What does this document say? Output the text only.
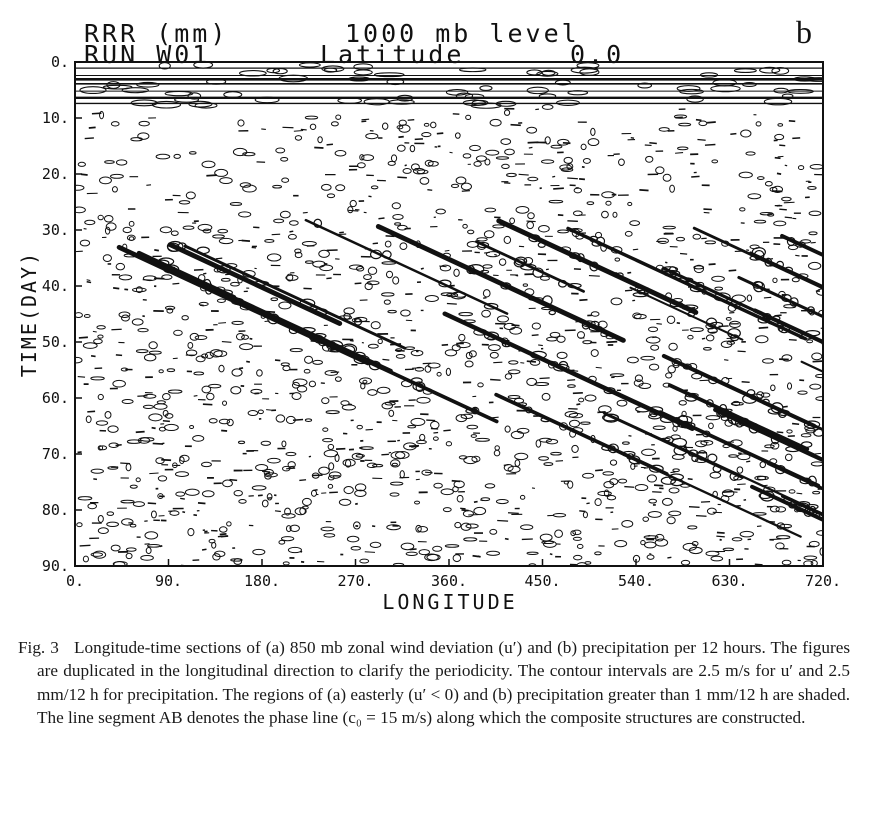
RRR (mm)	1000 mb level
RUN W01	Latitude	0.0
b
0.	90.	180.	270.	360.	450.	540.	630.	720.
0.
10.
20.
30.
40.
50.
60.
70.
80.
90.
LONGITUDE
TIME(DAY)

Fig. 3 Longitude-time sections of (a) 850 mb zonal wind deviation (u′) and (b) precipitation per 12 hours. The figures are duplicated in the longitudinal direction to clarify the periodicity. The contour intervals are 2.5 m/s for u′ and 2.5 mm/12 h for precipitation. The regions of (a) easterly (u′ < 0) and (b) precipitation greater than 1 mm/12 h are shaded. The line segment AB denotes the phase line (c₀ = 15 m/s) along which the composite structures are constructed.
